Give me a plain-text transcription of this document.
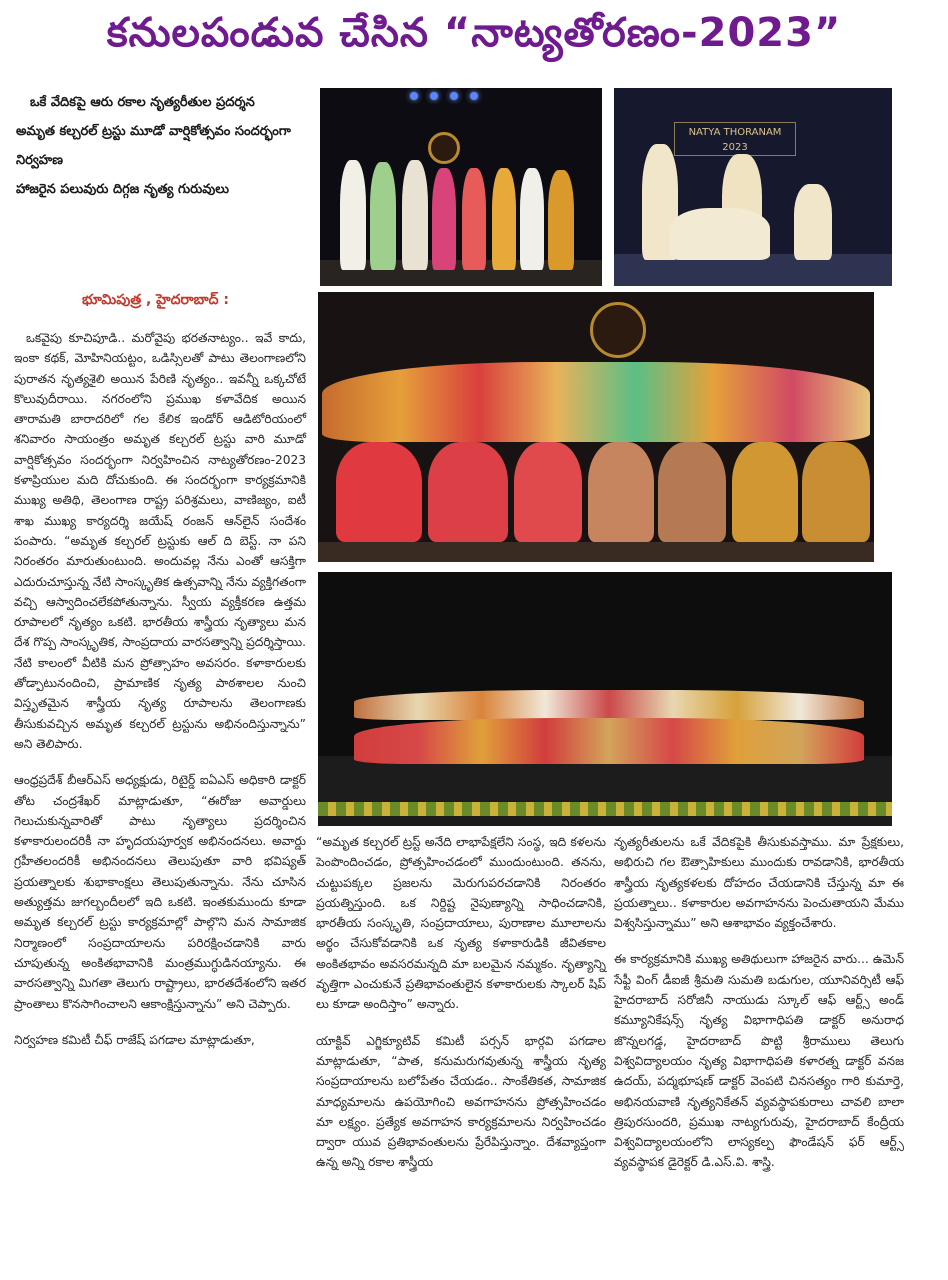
కనులపండువ చేసిన “నాట్యతోరణం-2023”

ఒకే వేదికపై ఆరు రకాల నృత్యరీతుల ప్రదర్శన

అమృత కల్చరల్ ట్రస్టు మూడో వార్షికోత్సవం సందర్భంగా నిర్వహణ

హాజరైన పలువురు దిగ్గజ నృత్య గురువులు

భూమిపుత్ర , హైదరాబాద్ :
NATYA THORANAM 2023

ఒకవైపు కూచిపూడి.. మరోవైపు భరతనాట్యం.. ఇవే కాదు, ఇంకా కథక్, మోహినియట్టం, ఒడిస్సిలతో పాటు తెలంగాణలోని పురాతన నృత్యశైలి అయిన పేరిణి నృత్యం.. ఇవన్నీ ఒక్కచోటే కొలువుదీరాయి. నగరంలోని ప్రముఖ కళావేదిక అయిన తారామతి బారాదరిలో గల కేలిక ఇండోర్ ఆడిటోరియంలో శనివారం సాయంత్రం అమృత కల్చరల్ ట్రస్టు వారి మూడో వార్షికోత్సవం సందర్భంగా నిర్వహించిన నాట్యతోరణం-2023 కళాప్రియుల మది దోచుకుంది. ఈ సందర్భంగా కార్యక్రమానికి ముఖ్య అతిథి, తెలంగాణ రాష్ట్ర పరిశ్రమలు, వాణిజ్యం, ఐటీ శాఖ ముఖ్య కార్యదర్శి జయేష్ రంజన్ ఆన్‌లైన్ సందేశం పంపారు. “అమృత కల్చరల్ ట్రస్టుకు ఆల్ ది బెస్ట్. నా పని నిరంతరం మారుతుంటుంది. అందువల్ల నేను ఎంతో ఆసక్తిగా ఎదురుచూస్తున్న నేటి సాంస్కృతిక ఉత్సవాన్ని నేను వ్యక్తిగతంగా వచ్చి ఆస్వాదించలేకపోతున్నాను. స్వీయ వ్యక్తీకరణ ఉత్తమ రూపాలలో నృత్యం ఒకటి. భారతీయ శాస్త్రీయ నృత్యాలు మన దేశ గొప్ప సాంస్కృతిక, సాంప్రదాయ వారసత్వాన్ని ప్రదర్శిస్తాయి. నేటి కాలంలో వీటికి మన ప్రోత్సాహం అవసరం. కళాకారులకు తోడ్పాటునందించి, ప్రామాణిక నృత్య పాఠశాలల నుంచి విస్తృతమైన శాస్త్రీయ నృత్య రూపాలను తెలంగాణకు తీసుకువచ్చిన అమృత కల్చరల్ ట్రస్టును అభినందిస్తున్నాను” అని తెలిపారు.

ఆంధ్రప్రదేశ్ బీఆర్ఎస్ అధ్యక్షుడు, రిటైర్డ్ ఐఏఎస్ అధికారి డాక్టర్ తోట చంద్రశేఖర్ మాట్లాడుతూ, “ఈరోజు అవార్డులు గెలుచుకున్నవారితో పాటు నృత్యాలు ప్రదర్శించిన కళాకారులందరికీ నా హృదయపూర్వక అభినందనలు. అవార్డు గ్రహీతలందరికీ అభినందనలు తెలుపుతూ వారి భవిష్యత్ ప్రయత్నాలకు శుభాకాంక్షలు తెలుపుతున్నాను. నేను చూసిన అత్యుత్తమ జుగల్బందీలలో ఇది ఒకటి. ఇంతకుముందు కూడా అమృత కల్చరల్ ట్రస్టు కార్యక్రమాల్లో పాల్గొని మన సామాజిక నిర్మాణంలో సంప్రదాయాలను పరిరక్షించడానికి వారు చూపుతున్న అంకితభావానికి మంత్రముగ్ధుడినయ్యాను. ఈ వారసత్వాన్ని మిగతా తెలుగు రాష్ట్రాలు, భారతదేశంలోని ఇతర ప్రాంతాలు కొనసాగించాలని ఆకాంక్షిస్తున్నాను” అని చెప్పారు.

నిర్వహణ కమిటీ చీఫ్ రాజేష్ పగడాల మాట్లాడుతూ,

“అమృత కల్చరల్ ట్రస్ట్ అనేది లాభాపేక్షలేని సంస్థ, ఇది కళలను పెంపొందించడం, ప్రోత్సహించడంలో ముందుంటుంది. తనను, చుట్టుపక్కల ప్రజలను మెరుగుపరచడానికి నిరంతరం ప్రయత్నిస్తుంది. ఒక నిర్దిష్ట నైపుణ్యాన్ని సాధించడానికి, భారతీయ సంస్కృతి, సంప్రదాయాలు, పురాణాల మూలాలను అర్థం చేసుకోవడానికి ఒక నృత్య కళాకారుడికి జీవితకాల అంకితభావం అవసరమన్నది మా బలమైన నమ్మకం. నృత్యాన్ని వృత్తిగా ఎంచుకునే ప్రతిభావంతులైన కళాకారులకు స్కాలర్ షిప్ లు కూడా అందిస్తాం” అన్నారు.

యాక్టివ్ ఎగ్జిక్యూటివ్ కమిటీ పర్సన్ భార్గవి పగడాల మాట్లాడుతూ, “పాత, కనుమరుగవుతున్న శాస్త్రీయ నృత్య సంప్రదాయాలను బలోపేతం చేయడం.. సాంకేతికత, సామాజిక మాధ్యమాలను ఉపయోగించి అవగాహనను ప్రోత్సహించడం మా లక్ష్యం. ప్రత్యేక అవగాహన కార్యక్రమాలను నిర్వహించడం ద్వారా యువ ప్రతిభావంతులను ప్రేరేపిస్తున్నాం. దేశవ్యాప్తంగా ఉన్న అన్ని రకాల శాస్త్రీయ

నృత్యరీతులను ఒకే వేదికపైకి తీసుకువస్తాము. మా ప్రేక్షకులు, అభిరుచి గల ఔత్సాహికులు ముందుకు రావడానికి, భారతీయ శాస్త్రీయ నృత్యకళలకు దోహదం చేయడానికి చేస్తున్న మా ఈ ప్రయత్నాలు.. కళాకారుల అవగాహనను పెంచుతాయని మేము విశ్వసిస్తున్నాము” అని ఆశాభావం వ్యక్తంచేశారు.

ఈ కార్యక్రమానికి ముఖ్య అతిథులుగా హాజరైన వారు... ఉమెన్ సేఫ్టీ వింగ్ డీఐజీ శ్రీమతి సుమతి బడుగుల, యూనివర్సిటీ ఆఫ్ హైదరాబాద్ సరోజినీ నాయుడు స్కూల్ ఆఫ్ ఆర్ట్స్ అండ్ కమ్యూనికేషన్స్ నృత్య విభాగాధిపతి డాక్టర్ అనురాధ జొన్నలగడ్డ, హైదరాబాద్ పొట్టి శ్రీరాములు తెలుగు విశ్వవిద్యాలయం నృత్య విభాగాధిపతి కళారత్న డాక్టర్ వనజ ఉదయ్, పద్మభూషణ్ డాక్టర్ వెంపటి చినసత్యం గారి కుమార్తె, అభినయవాణి నృత్యనికేతన్ వ్యవస్థాపకురాలు చావలి బాలా త్రిపురసుందరి, ప్రముఖ నాట్యగురువు, హైదరాబాద్ కేంద్రీయ విశ్వవిద్యాలయంలోని లాస్యకల్ప ఫౌండేషన్ ఫర్ ఆర్ట్స్ వ్యవస్థాపక డైరెక్టర్ డి.ఎస్.వి. శాస్త్రి.
